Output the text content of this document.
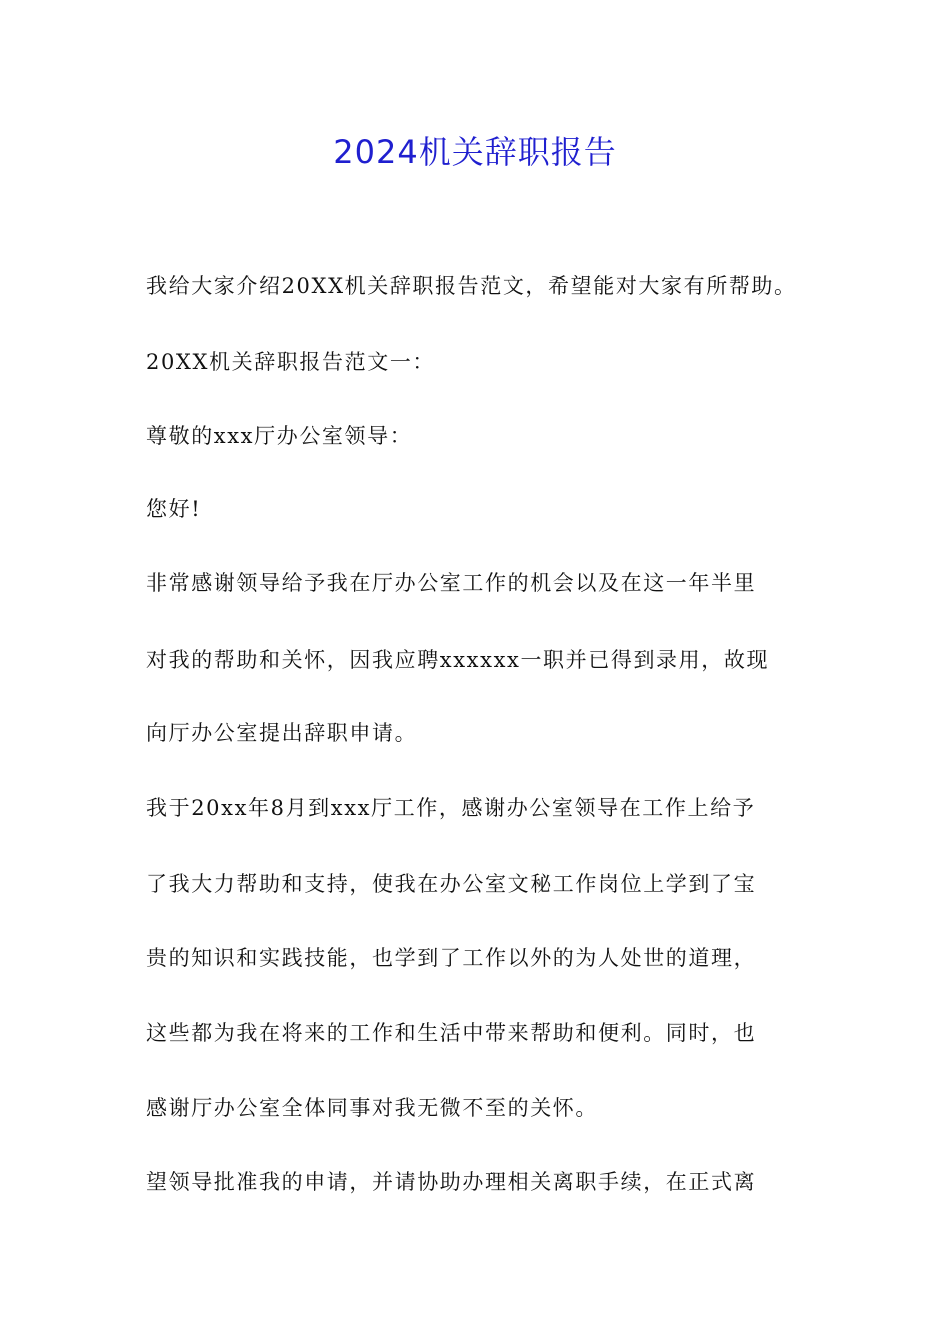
2024机关辞职报告
我给大家介绍20XX机关辞职报告范文，希望能对大家有所帮助。
20XX机关辞职报告范文一：
尊敬的xxx厅办公室领导：
您好!
非常感谢领导给予我在厅办公室工作的机会以及在这一年半里
对我的帮助和关怀，因我应聘xxxxxx一职并已得到录用，故现
向厅办公室提出辞职申请。
我于20xx年8月到xxx厅工作，感谢办公室领导在工作上给予
了我大力帮助和支持，使我在办公室文秘工作岗位上学到了宝
贵的知识和实践技能，也学到了工作以外的为人处世的道理，
这些都为我在将来的工作和生活中带来帮助和便利。同时，也
感谢厅办公室全体同事对我无微不至的关怀。
望领导批准我的申请，并请协助办理相关离职手续，在正式离
